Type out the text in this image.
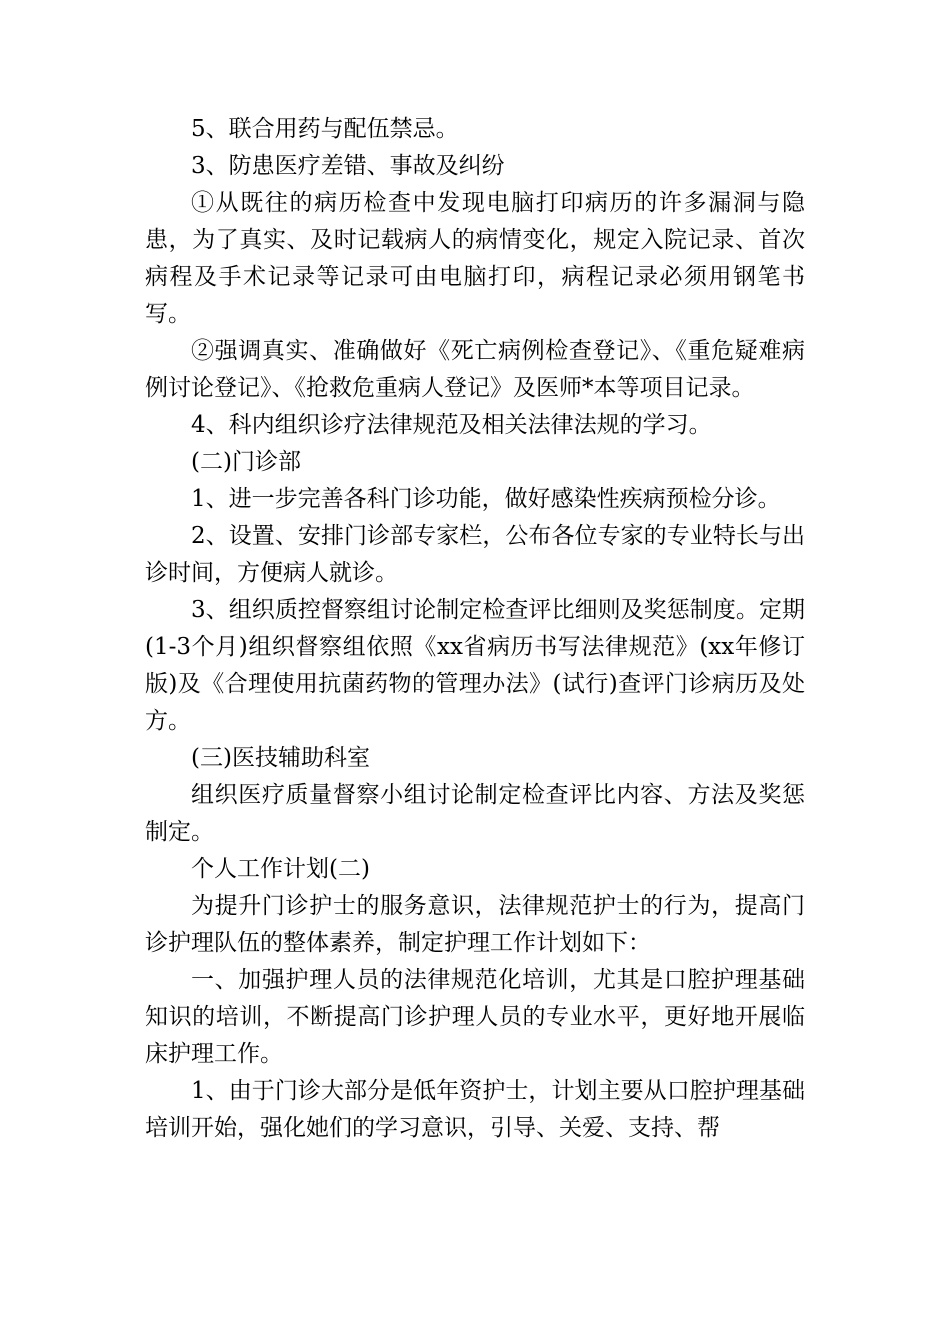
5、联合用药与配伍禁忌。

3、防患医疗差错、事故及纠纷

①从既往的病历检查中发现电脑打印病历的许多漏洞与隐患，为了真实、及时记载病人的病情变化，规定入院记录、首次病程及手术记录等记录可由电脑打印，病程记录必须用钢笔书写。

②强调真实、准确做好《死亡病例检查登记》、《重危疑难病例讨论登记》、《抢救危重病人登记》及医师*本等项目记录。

4、科内组织诊疗法律规范及相关法律法规的学习。

(二)门诊部

1、进一步完善各科门诊功能，做好感染性疾病预检分诊。

2、设置、安排门诊部专家栏，公布各位专家的专业特长与出诊时间，方便病人就诊。

3、组织质控督察组讨论制定检查评比细则及奖惩制度。定期(1-3个月)组织督察组依照《xx省病历书写法律规范》(xx年修订版)及《合理使用抗菌药物的管理办法》(试行)查评门诊病历及处方。

(三)医技辅助科室

组织医疗质量督察小组讨论制定检查评比内容、方法及奖惩制定。

个人工作计划(二)

为提升门诊护士的服务意识，法律规范护士的行为，提高门诊护理队伍的整体素养，制定护理工作计划如下：

一、加强护理人员的法律规范化培训，尤其是口腔护理基础知识的培训，不断提高门诊护理人员的专业水平，更好地开展临床护理工作。

1、由于门诊大部分是低年资护士，计划主要从口腔护理基础培训开始，强化她们的学习意识，引导、关爱、支持、帮
